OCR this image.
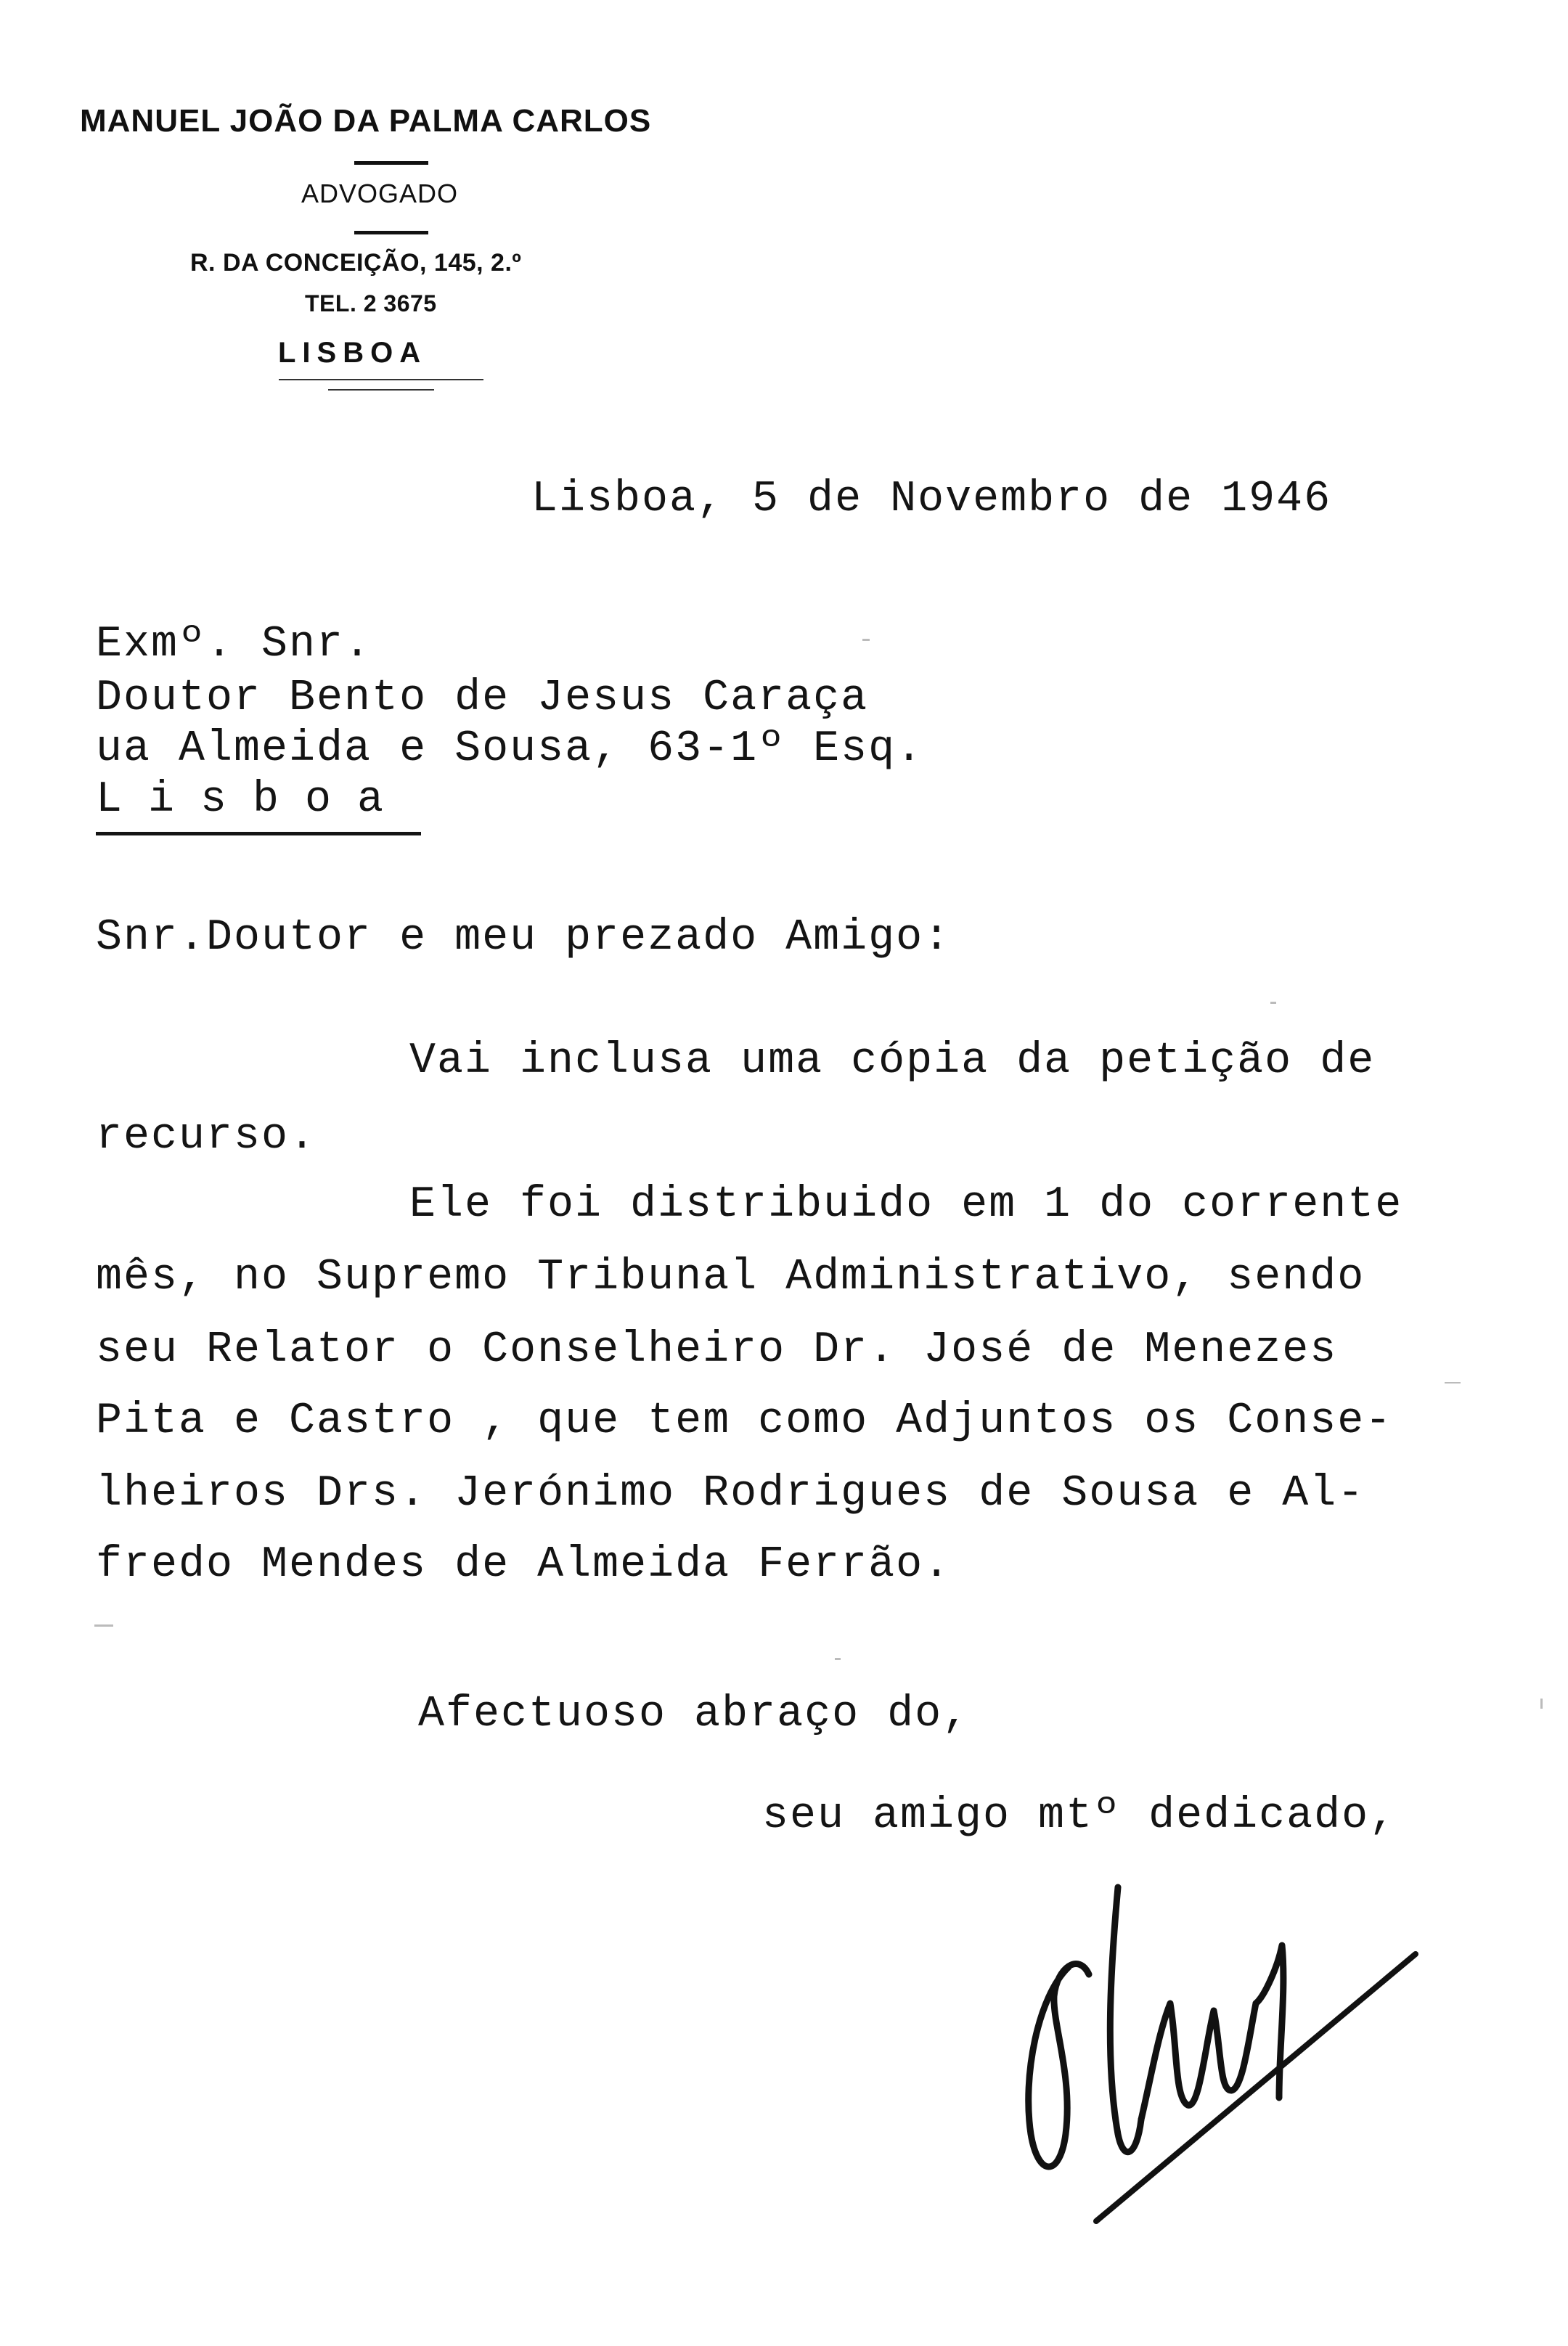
MANUEL JOÃO DA PALMA CARLOS
ADVOGADO
R. DA CONCEIÇÃO, 145, 2.º
TEL. 2 3675
LISBOA
Lisboa, 5 de Novembro de 1946
Exmº. Snr.
Doutor Bento de Jesus Caraça
ua Almeida e Sousa, 63-1º Esq.
Lisboa
Snr.Doutor e meu prezado Amigo:
Vai inclusa uma cópia da petição de
recurso.
Ele foi distribuido em 1 do corrente
mês, no Supremo Tribunal Administrativo, sendo
seu Relator o Conselheiro Dr. José de Menezes
Pita e Castro , que tem como Adjuntos os Conse-
lheiros Drs. Jerónimo Rodrigues de Sousa e Al-
fredo Mendes de Almeida Ferrão.
Afectuoso abraço do,
seu amigo mtº dedicado,
